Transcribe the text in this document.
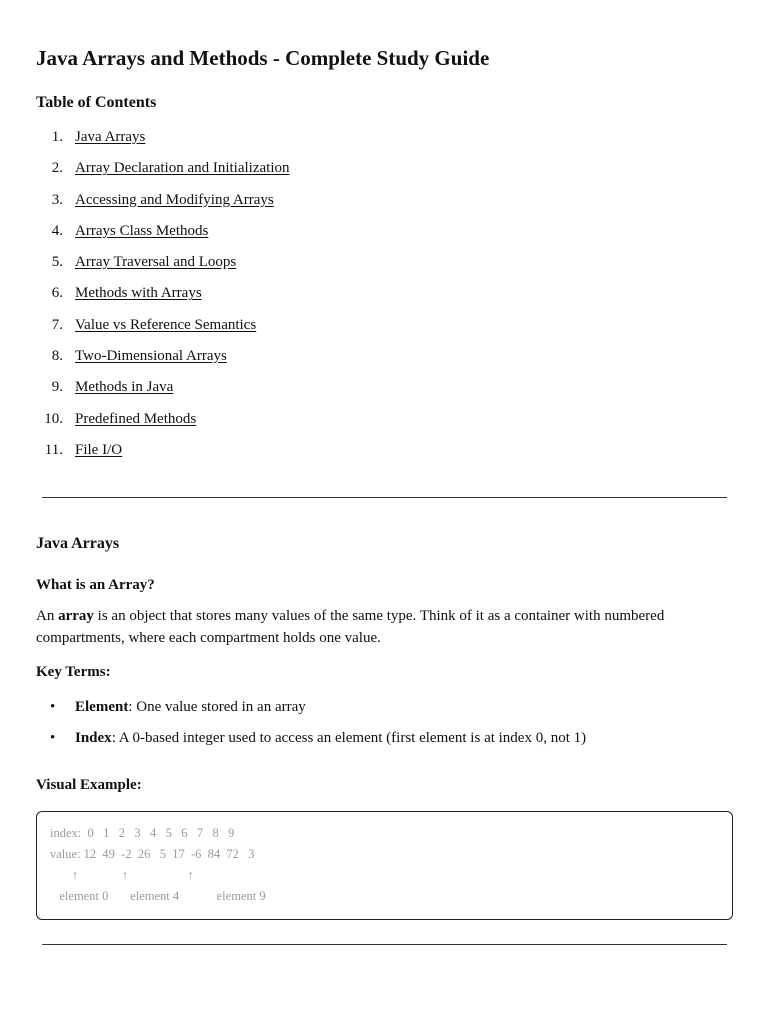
Java Arrays and Methods - Complete Study Guide
Table of Contents
1. Java Arrays
2. Array Declaration and Initialization
3. Accessing and Modifying Arrays
4. Arrays Class Methods
5. Array Traversal and Loops
6. Methods with Arrays
7. Value vs Reference Semantics
8. Two-Dimensional Arrays
9. Methods in Java
10. Predefined Methods
11. File I/O
Java Arrays
What is an Array?

An array is an object that stores many values of the same type. Think of it as a container with numbered compartments, where each compartment holds one value.

Key Terms:
• Element: One value stored in an array
• Index: A 0-based integer used to access an element (first element is at index 0, not 1)
Visual Example:
index:  0   1   2   3   4   5   6   7   8   9
value: 12  49  -2  26   5  17  -6  84  72   3
↑              ↑                   ↑
element 0       element 4            element 9
